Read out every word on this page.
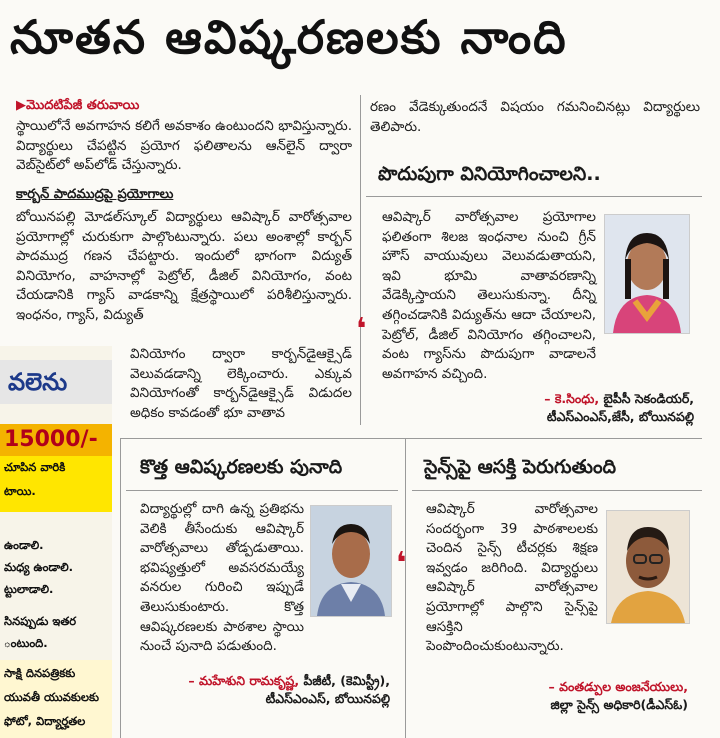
నూతన ఆవిష్కరణలకు నాంది
▶మొదటిపేజీ తరువాయి
స్థాయిలోనే అవగాహన కలిగే అవకాశం ఉంటుందని భావిస్తున్నారు. విద్యార్థులు చేపట్టిన ప్రయోగ ఫలితాలను ఆన్‌లైన్ ద్వారా వెబ్‌సైట్‌లో అప్‌లోడ్ చేస్తున్నారు.
కార్బన్ పాదముద్రపై ప్రయోగాలు
బోయినపల్లి మోడల్‌స్కూల్ విద్యార్థులు ఆవిష్కార్ వారోత్సవాల ప్రయోగాల్లో చురుకుగా పాల్గొంటున్నారు. పలు అంశాల్లో కార్బన్ పాదముద్ర గణన చేపట్టారు. ఇందులో భాగంగా విద్యుత్ వినియోగం, వాహనాల్లో పెట్రోల్, డీజిల్ వినియోగం, వంట చేయడానికి గ్యాస్ వాడకాన్ని క్షేత్రస్థాయిలో పరిశీలిస్తున్నారు. ఇంధనం, గ్యాస్, విద్యుత్
వినియోగం ద్వారా కార్బన్‌డైఆక్సైడ్ వెలువడడాన్ని లెక్కించారు. ఎక్కువ వినియోగంతో కార్బన్‌డైఆక్సైడ్ విడుదల అధికం కావడంతో భూ వాతావ
రణం వేడెక్కుతుందనే విషయం గమనించినట్లు విద్యార్థులు తెలిపారు.
పొదుపుగా వినియోగించాలని..
ఆవిష్కార్ వారోత్సవాల ప్రయోగాల ఫలితంగా శిలజ ఇంధనాల నుంచి గ్రీన్ హౌస్ వాయువులు వెలువడుతాయని, ఇవి భూమి వాతావరణాన్ని వేడెక్కిస్తాయని తెలుసుకున్నా. దీన్ని తగ్గించడానికి విద్యుత్‌ను ఆదా చేయాలని, పెట్రోల్, డీజిల్ వినియోగం తగ్గించాలని, వంట గ్యాస్‌ను పొదుపుగా వాడాలనే అవగాహన వచ్చింది.
❛
– కె.సింధు, బైపీసీ సెకండియర్,
టీఎస్‌ఎంఎస్,జేసీ, బోయినపల్లి
వలెను
15000/-
చూపిన వారికి
టాయి.
ఉండాలి.
మధ్య ఉండాలి.
ట్టులాడాలి.
సినప్పుడు ఇతర
ంటుంది.
సాక్షి దినపత్రికకు
యువతీ యువకులకు
ఫోటో, విద్యార్హతల
కొత్త ఆవిష్కరణలకు పునాది
విద్యార్థుల్లో దాగి ఉన్న ప్రతిభను వెలికి తీసేందుకు ఆవిష్కార్ వారోత్సవాలు తోడ్పడుతాయి. భవిష్యత్తులో అవసరమయ్యే వనరుల గురించి ఇప్పుడే తెలుసుకుంటారు. కొత్త ఆవిష్కరణలకు పాఠశాల స్థాయి నుంచే పునాది పడుతుంది.
– మహేశుని రామకృష్ణ, పీజీటీ, (కెమిస్ట్రీ),
టీఎస్‌ఎంఎస్, బోయినపల్లి
❛
సైన్స్‌పై ఆసక్తి పెరుగుతుంది
ఆవిష్కార్ వారోత్సవాల సందర్భంగా 39 పాఠశాలలకు చెందిన సైన్స్ టీచర్లకు శిక్షణ ఇవ్వడం జరిగింది. విద్యార్థులు ఆవిష్కార్ వారోత్సవాల ప్రయోగాల్లో పాల్గొని సైన్స్‌పై ఆసక్తిని పెంపొందించుకుంటున్నారు.
– వంతడ్పుల అంజనేయులు,
జిల్లా సైన్స్ అధికారి(డీఎస్‌ఓ)
